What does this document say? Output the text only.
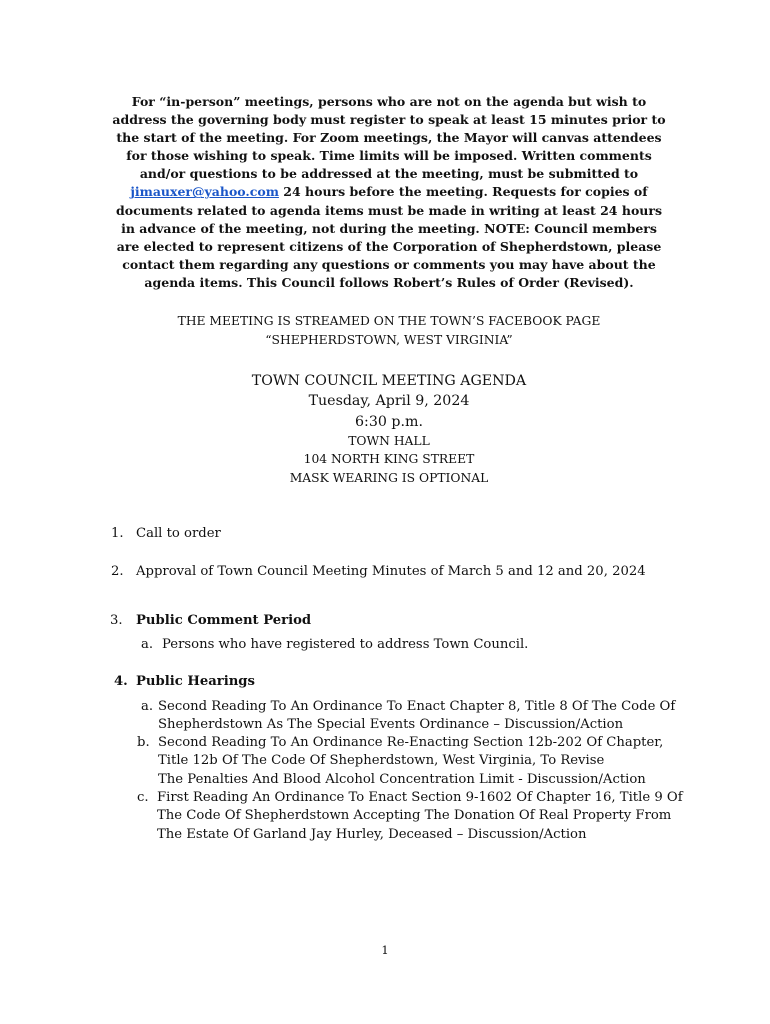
For “in-person” meetings, persons who are not on the agenda but wish to
address the governing body must register to speak at least 15 minutes prior to
the start of the meeting. For Zoom meetings, the Mayor will canvas attendees
for those wishing to speak. Time limits will be imposed. Written comments
and/or questions to be addressed at the meeting, must be submitted to
jimauxer@yahoo.com 24 hours before the meeting. Requests for copies of
documents related to agenda items must be made in writing at least 24 hours
in advance of the meeting, not during the meeting. NOTE: Council members
are elected to represent citizens of the Corporation of Shepherdstown, please
contact them regarding any questions or comments you may have about the
agenda items. This Council follows Robert’s Rules of Order (Revised).
THE MEETING IS STREAMED ON THE TOWN’S FACEBOOK PAGE
“SHEPHERDSTOWN, WEST VIRGINIA”
TOWN COUNCIL MEETING AGENDA
Tuesday, April 9, 2024
6:30 p.m.
TOWN HALL
104 NORTH KING STREET
MASK WEARING IS OPTIONAL
1. Call to order
2. Approval of Town Council Meeting Minutes of March 5 and 12 and 20, 2024
3. Public Comment Period
a. Persons who have registered to address Town Council.
4. Public Hearings
a. Second Reading To An Ordinance To Enact Chapter 8, Title 8 Of The Code Of
Shepherdstown As The Special Events Ordinance – Discussion/Action
b. Second Reading To An Ordinance Re-Enacting Section 12b-202 Of Chapter,
Title 12b Of The Code Of Shepherdstown, West Virginia, To Revise
The Penalties And Blood Alcohol Concentration Limit - Discussion/Action
c. First Reading An Ordinance To Enact Section 9-1602 Of Chapter 16, Title 9 Of
The Code Of Shepherdstown Accepting The Donation Of Real Property From
The Estate Of Garland Jay Hurley, Deceased – Discussion/Action
1
